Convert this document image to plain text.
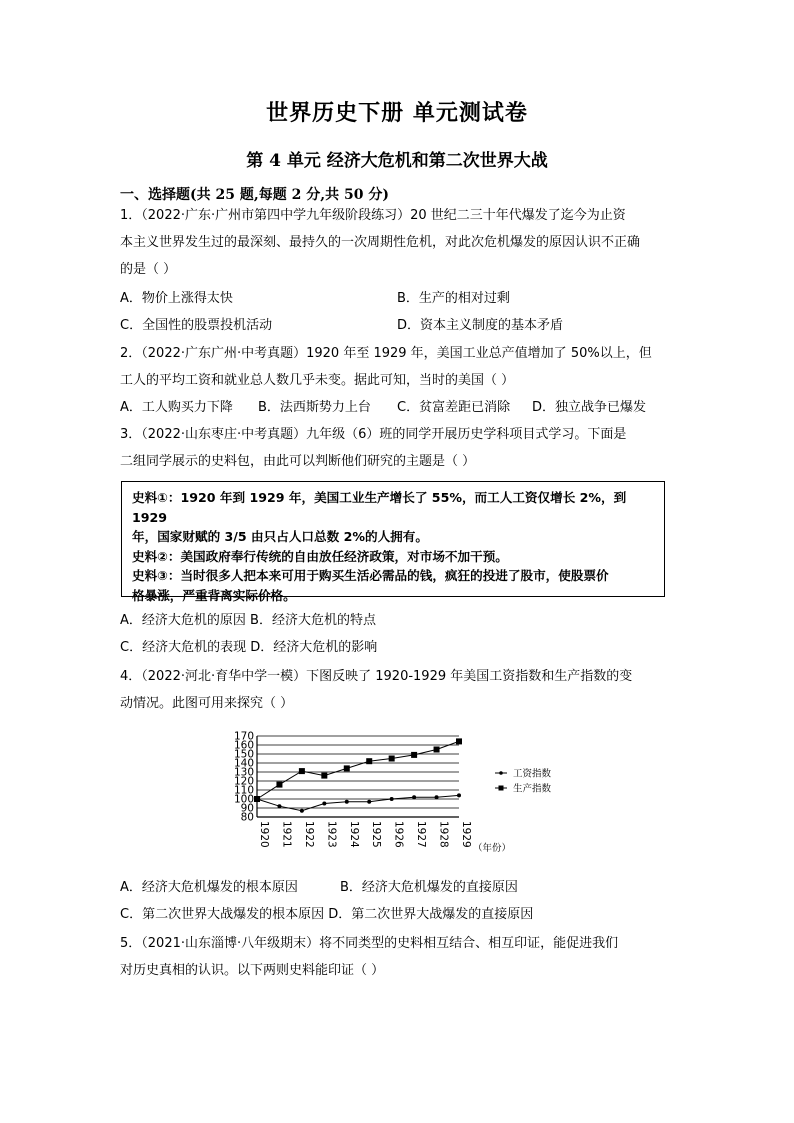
世界历史下册 单元测试卷
第 4 单元 经济大危机和第二次世界大战
一、选择题(共 25 题,每题 2 分,共 50 分)
1．（2022·广东·广州市第四中学九年级阶段练习）20 世纪二三十年代爆发了迄今为止资
本主义世界发生过的最深刻、最持久的一次周期性危机，对此次危机爆发的原因认识不正确
的是（ ）
A．物价上涨得太快	B．生产的相对过剩
C．全国性的股票投机活动	D．资本主义制度的基本矛盾
2．（2022·广东广州·中考真题）1920 年至 1929 年，美国工业总产值增加了 50%以上，但
工人的平均工资和就业总人数几乎未变。据此可知，当时的美国（ ）
A．工人购买力下降 B．法西斯势力上台 C．贫富差距已消除 D．独立战争已爆发
3．（2022·山东枣庄·中考真题）九年级（6）班的同学开展历史学科项目式学习。下面是
二组同学展示的史料包，由此可以判断他们研究的主题是（ ）

史料①：1920 年到 1929 年，美国工业生产增长了 55%，而工人工资仅增长 2%，到 1929

年，国家财赋的 3/5 由只占人口总数 2%的人拥有。

史料②：美国政府奉行传统的自由放任经济政策，对市场不加干预。

史料③：当时很多人把本来可用于购买生活必需品的钱，疯狂的投进了股市，使股票价

格暴涨，严重背离实际价格。

A．经济大危机的原因 B．经济大危机的特点
C．经济大危机的表现 D．经济大危机的影响
4．（2022·河北·育华中学一模）下图反映了 1920-1929 年美国工资指数和生产指数的变
动情况。此图可用来探究（ ）
80
90
100
110
120
130
140
150
160
170
1920 1921 1922 1923 1924 1925 1926 1927 1928 1929
（年份）
工资指数
生产指数
A．经济大危机爆发的根本原因	B．经济大危机爆发的直接原因
C．第二次世界大战爆发的根本原因 D．第二次世界大战爆发的直接原因
5．（2021·山东淄博·八年级期末）将不同类型的史料相互结合、相互印证，能促进我们
对历史真相的认识。以下两则史料能印证（ ）
